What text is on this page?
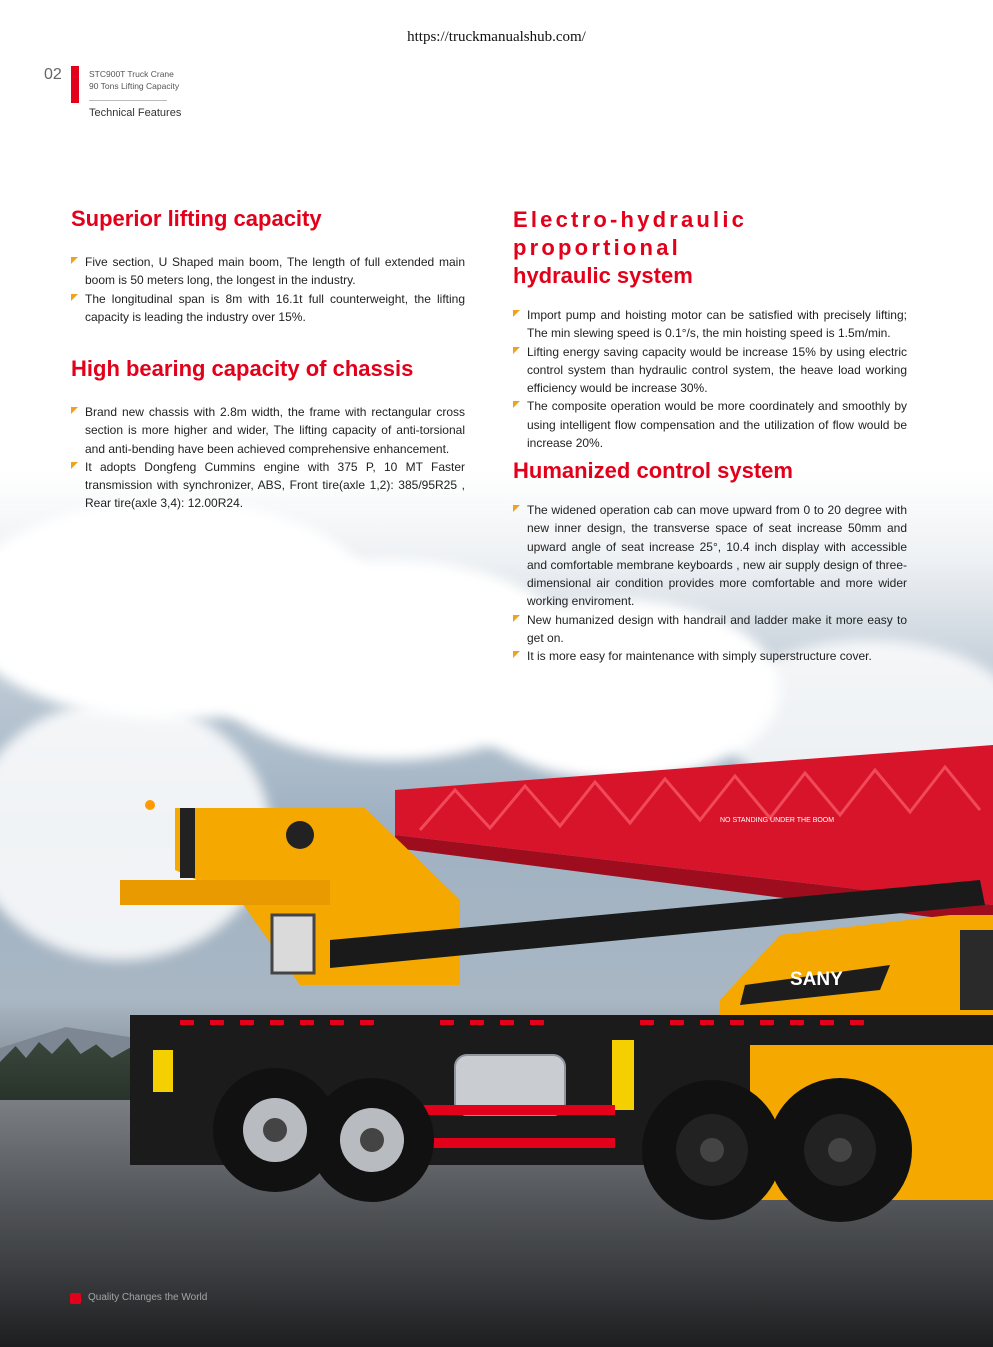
NO STANDING UNDER THE BOOM
SANY
https://truckmanualshub.com/
02	STC900T Truck Crane
90 Tons Lifting Capacity
Technical Features
Superior lifting capacity
Five section, U Shaped main boom, The length of full extended main boom is 50 meters long, the longest in the industry.
The longitudinal span is 8m with 16.1t full counterweight, the lifting capacity is leading the industry over 15%.
High bearing capacity of chassis
Brand new chassis with 2.8m width, the frame with rectangular cross section is more higher and wider, The lifting capacity of anti-torsional and anti-bending have been achieved comprehensive enhancement.
It adopts Dongfeng Cummins engine with 375 P, 10 MT Faster transmission with synchronizer, ABS, Front tire(axle 1,2): 385/95R25 , Rear tire(axle 3,4): 12.00R24.
Electro-hydraulic proportional
hydraulic system
Import pump and hoisting motor can be satisfied with precisely lifting; The min slewing speed is 0.1°/s, the min hoisting speed is 1.5m/min.
Lifting energy saving capacity would be increase 15% by using electric control system than hydraulic control system, the heave load working efficiency would be increase 30%.
The composite operation would be more coordinately and smoothly by using intelligent flow compensation and the utilization of flow would be increase 20%.
Humanized control system
The widened operation cab can move upward from 0 to 20 degree with new inner design, the transverse space of seat increase 50mm and upward angle of seat increase 25°, 10.4 inch display with accessible and comfortable membrane keyboards , new air supply design of three-dimensional air condition provides more comfortable and more wider working enviroment.
New humanized design with handrail and ladder make it more easy to get on.
It is more easy for maintenance with simply superstructure cover.
Quality Changes the World
